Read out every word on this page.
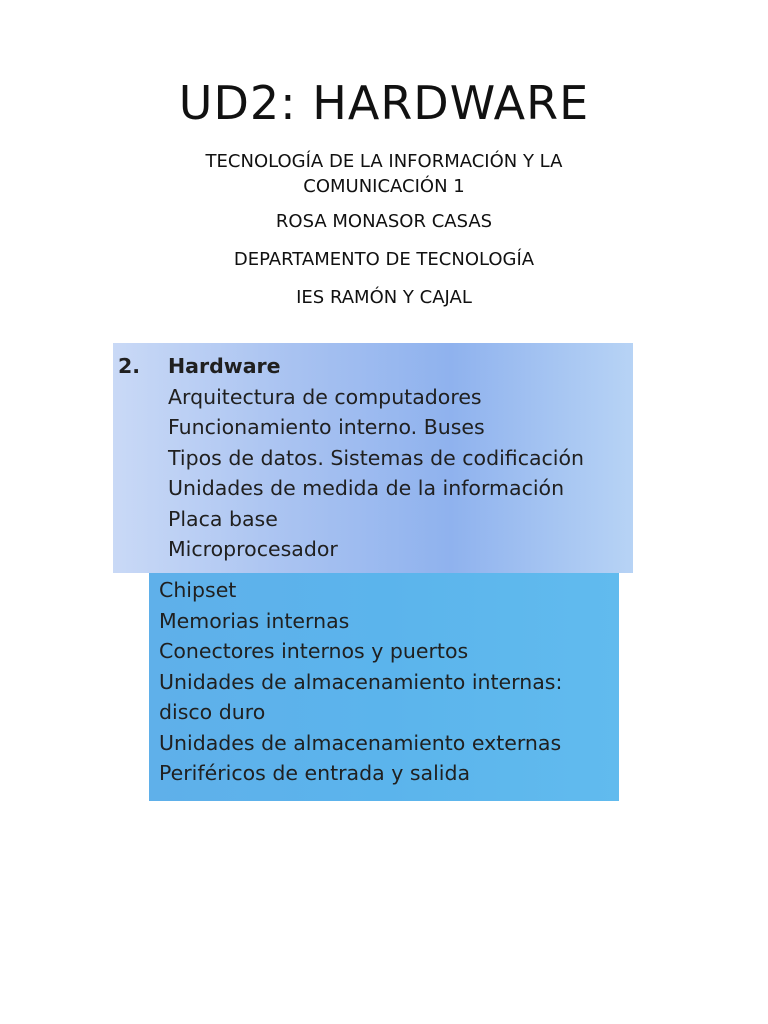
UD2: HARDWARE
TECNOLOGÍA DE LA INFORMACIÓN Y LA
COMUNICACIÓN 1
ROSA MONASOR CASAS
DEPARTAMENTO DE TECNOLOGÍA
IES RAMÓN Y CAJAL
2. Hardware
Arquitectura de computadores
Funcionamiento interno. Buses
Tipos de datos. Sistemas de codificación
Unidades de medida de la información
Placa base
Microprocesador
Chipset
Memorias internas
Conectores internos y puertos
Unidades de almacenamiento internas:
disco duro
Unidades de almacenamiento externas
Periféricos de entrada y salida
